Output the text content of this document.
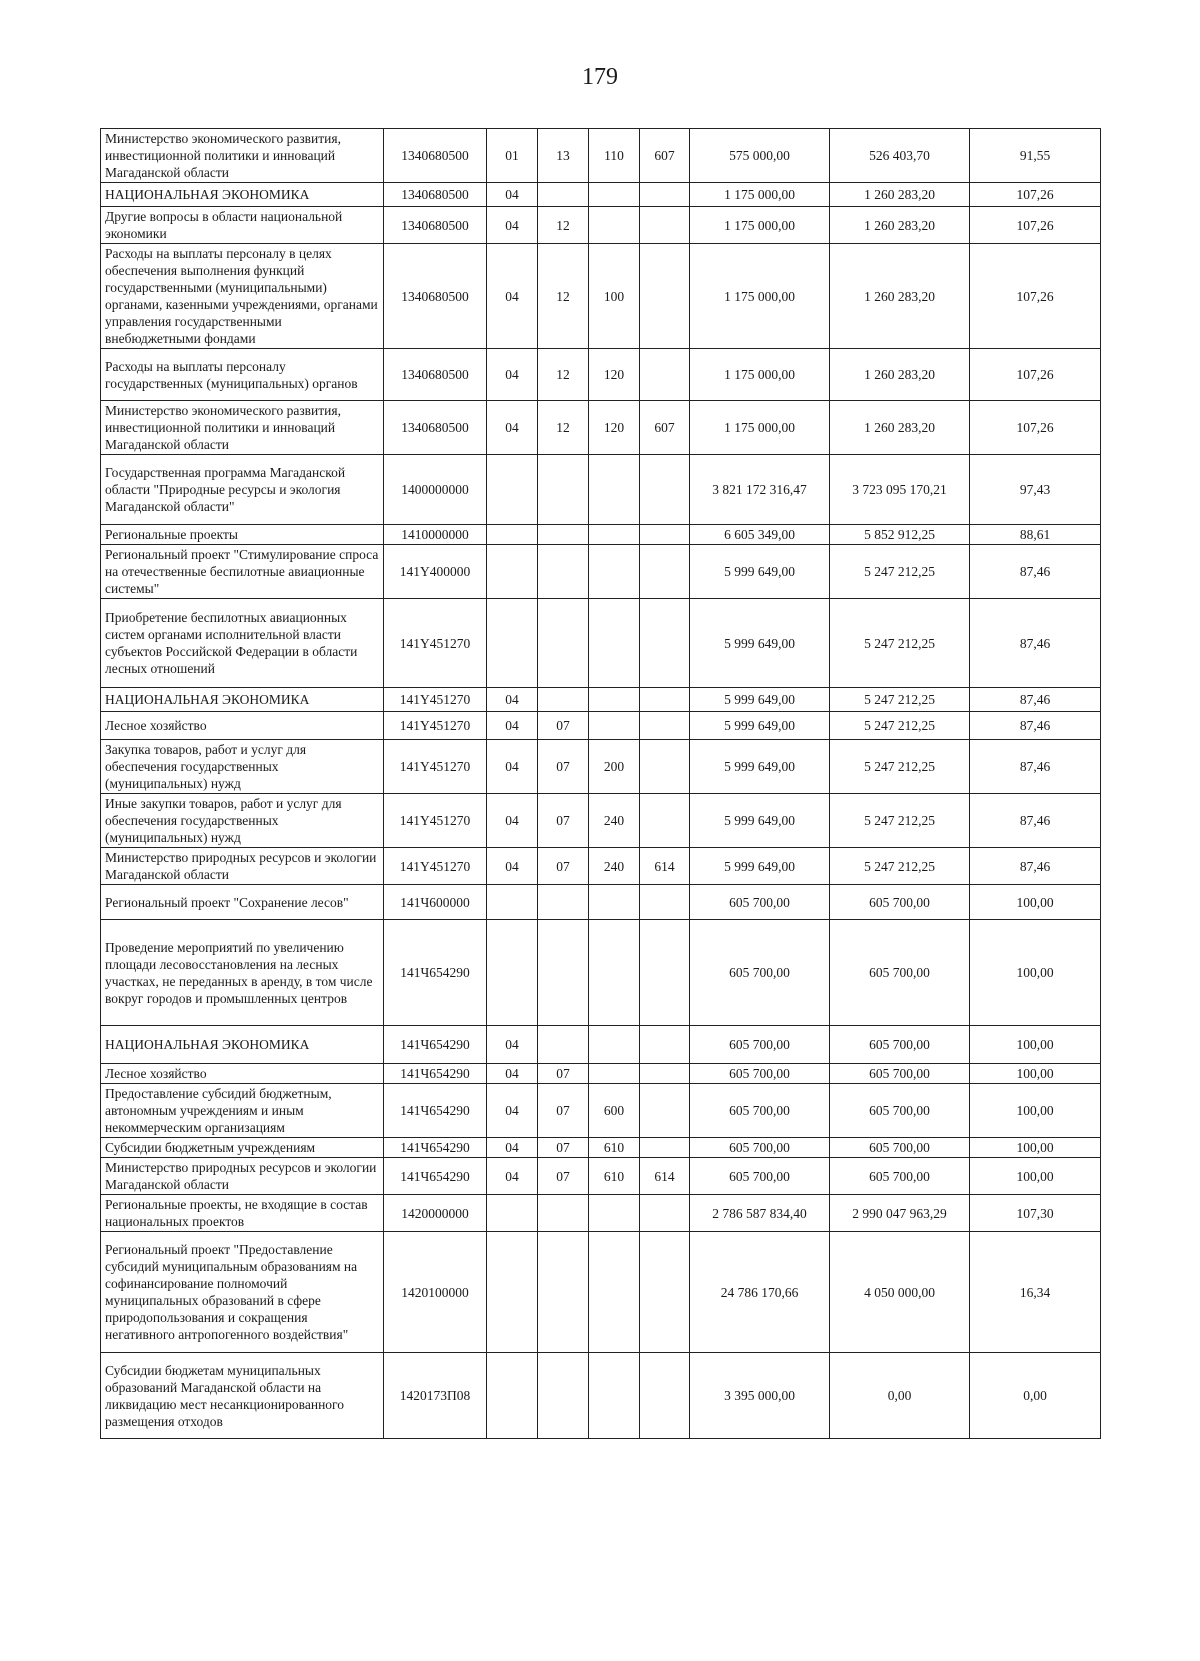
179
Министерство экономического развития, инвестиционной политики и инноваций Магаданской области	1340680500	01	13	110	607	575 000,00	526 403,70	91,55
НАЦИОНАЛЬНАЯ ЭКОНОМИКА	1340680500	04				1 175 000,00	1 260 283,20	107,26
Другие вопросы в области национальной экономики	1340680500	04	12			1 175 000,00	1 260 283,20	107,26
Расходы на выплаты персоналу в целях обеспечения выполнения функций государственными (муниципальными) органами, казенными учреждениями, органами управления государственными внебюджетными фондами	1340680500	04	12	100		1 175 000,00	1 260 283,20	107,26
Расходы на выплаты персоналу государственных (муниципальных) органов	1340680500	04	12	120		1 175 000,00	1 260 283,20	107,26
Министерство экономического развития, инвестиционной политики и инноваций Магаданской области	1340680500	04	12	120	607	1 175 000,00	1 260 283,20	107,26
Государственная программа Магаданской области "Природные ресурсы и экология Магаданской области"	1400000000					3 821 172 316,47	3 723 095 170,21	97,43
Региональные проекты	1410000000					6 605 349,00	5 852 912,25	88,61
Региональный проект "Стимулирование спроса на отечественные беспилотные авиационные системы"	141Y400000					5 999 649,00	5 247 212,25	87,46
Приобретение беспилотных авиационных систем органами исполнительной власти субъектов Российской Федерации в области лесных отношений	141Y451270					5 999 649,00	5 247 212,25	87,46
НАЦИОНАЛЬНАЯ ЭКОНОМИКА	141Y451270	04				5 999 649,00	5 247 212,25	87,46
Лесное хозяйство	141Y451270	04	07			5 999 649,00	5 247 212,25	87,46
Закупка товаров, работ и услуг для обеспечения государственных (муниципальных) нужд	141Y451270	04	07	200		5 999 649,00	5 247 212,25	87,46
Иные закупки товаров, работ и услуг для обеспечения государственных (муниципальных) нужд	141Y451270	04	07	240		5 999 649,00	5 247 212,25	87,46
Министерство природных ресурсов и экологии Магаданской области	141Y451270	04	07	240	614	5 999 649,00	5 247 212,25	87,46
Региональный проект "Сохранение лесов"	141Ч600000					605 700,00	605 700,00	100,00
Проведение мероприятий по увеличению площади лесовосстановления на лесных участках, не переданных в аренду, в том числе вокруг городов и промышленных центров	141Ч654290					605 700,00	605 700,00	100,00
НАЦИОНАЛЬНАЯ ЭКОНОМИКА	141Ч654290	04				605 700,00	605 700,00	100,00
Лесное хозяйство	141Ч654290	04	07			605 700,00	605 700,00	100,00
Предоставление субсидий бюджетным, автономным учреждениям и иным некоммерческим организациям	141Ч654290	04	07	600		605 700,00	605 700,00	100,00
Субсидии бюджетным учреждениям	141Ч654290	04	07	610		605 700,00	605 700,00	100,00
Министерство природных ресурсов и экологии Магаданской области	141Ч654290	04	07	610	614	605 700,00	605 700,00	100,00
Региональные проекты, не входящие в состав национальных проектов	1420000000					2 786 587 834,40	2 990 047 963,29	107,30
Региональный проект "Предоставление субсидий муниципальным образованиям на софинансирование полномочий муниципальных образований в сфере природопользования и сокращения негативного антропогенного воздействия"	1420100000					24 786 170,66	4 050 000,00	16,34
Субсидии бюджетам муниципальных образований Магаданской области на ликвидацию мест несанкционированного размещения отходов	1420173П08					3 395 000,00	0,00	0,00
